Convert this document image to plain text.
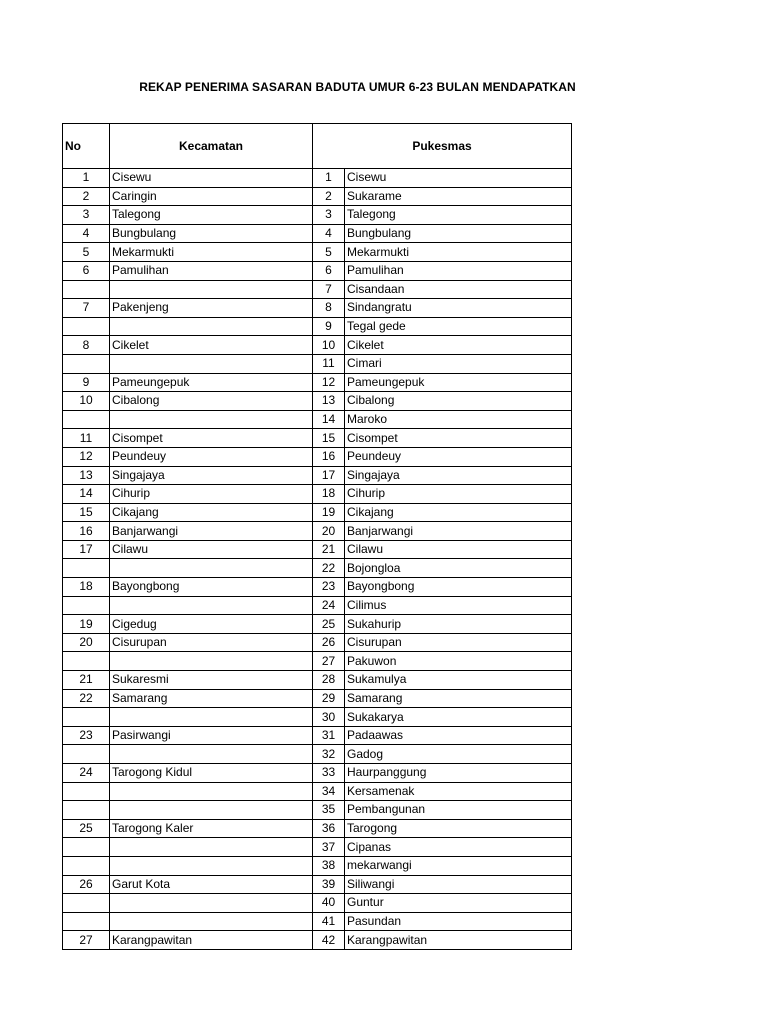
REKAP PENERIMA SASARAN BADUTA UMUR 6-23 BULAN MENDAPATKAN
No	Kecamatan	Pukesmas	
1	Cisewu	1	Cisewu
2	Caringin	2	Sukarame
3	Talegong	3	Talegong
4	Bungbulang	4	Bungbulang
5	Mekarmukti	5	Mekarmukti
6	Pamulihan	6	Pamulihan
		7	Cisandaan
7	Pakenjeng	8	Sindangratu
		9	Tegal gede
8	Cikelet	10	Cikelet
		11	Cimari
9	Pameungepuk	12	Pameungepuk
10	Cibalong	13	Cibalong
		14	Maroko
11	Cisompet	15	Cisompet
12	Peundeuy	16	Peundeuy
13	Singajaya	17	Singajaya
14	Cihurip	18	Cihurip
15	Cikajang	19	Cikajang
16	Banjarwangi	20	Banjarwangi
17	Cilawu	21	Cilawu
		22	Bojongloa
18	Bayongbong	23	Bayongbong
		24	Cilimus
19	Cigedug	25	Sukahurip
20	Cisurupan	26	Cisurupan
		27	Pakuwon
21	Sukaresmi	28	Sukamulya
22	Samarang	29	Samarang
		30	Sukakarya
23	Pasirwangi	31	Padaawas
		32	Gadog
24	Tarogong Kidul	33	Haurpanggung
		34	Kersamenak
		35	Pembangunan
25	Tarogong Kaler	36	Tarogong
		37	Cipanas
		38	mekarwangi
26	Garut Kota	39	Siliwangi
		40	Guntur
		41	Pasundan
27	Karangpawitan	42	Karangpawitan
